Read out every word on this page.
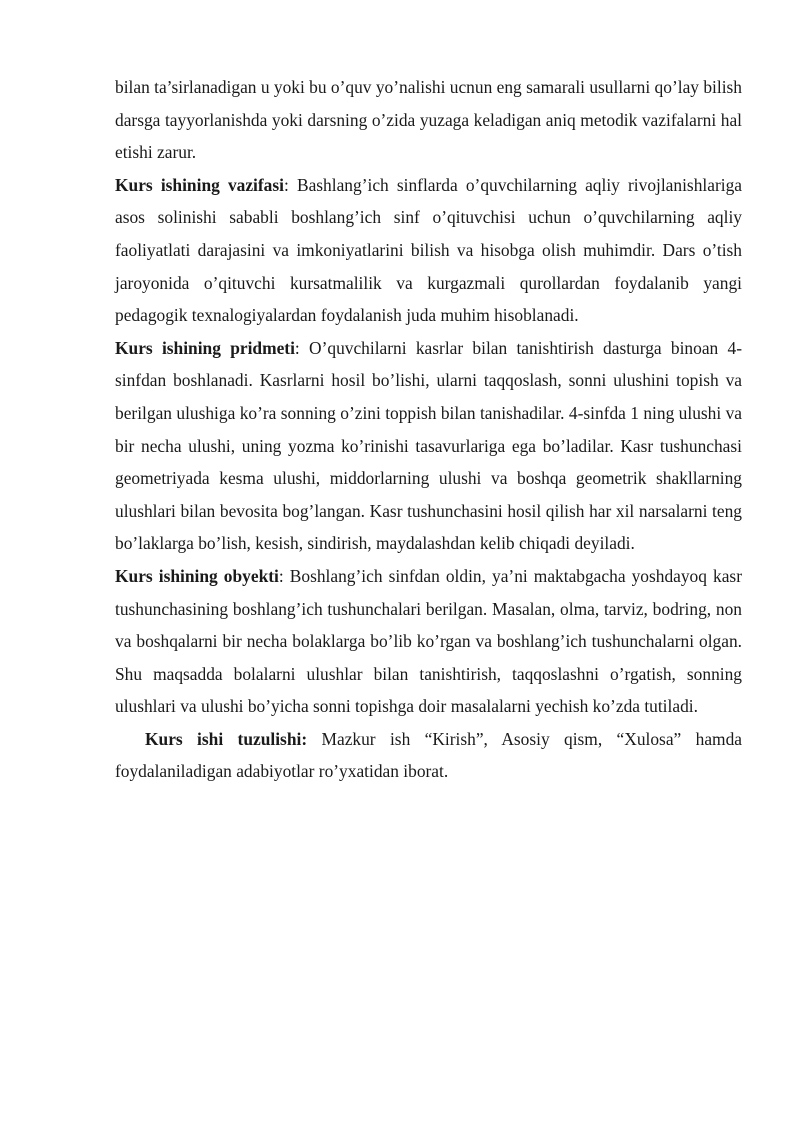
bilan ta’sirlanadigan u yoki bu o’quv yo’nalishi ucnun eng samarali usullarni qo’lay bilish darsga tayyorlanishda yoki darsning o’zida yuzaga keladigan aniq metodik vazifalarni hal etishi zarur.

Kurs ishining vazifasi: Bashlang’ich sinflarda o’quvchilarning aqliy rivojlanishlariga asos solinishi sababli boshlang’ich sinf o’qituvchisi uchun o’quvchilarning aqliy faoliyatlati darajasini va imkoniyatlarini bilish va hisobga olish muhimdir. Dars o’tish jaroyonida o’qituvchi kursatmalilik va kurgazmali qurollardan foydalanib yangi pedagogik texnalogiyalardan foydalanish juda muhim hisoblanadi.

Kurs ishining pridmeti: O’quvchilarni kasrlar bilan tanishtirish dasturga binoan 4-sinfdan boshlanadi. Kasrlarni hosil bo’lishi, ularni taqqoslash, sonni ulushini topish va berilgan ulushiga ko’ra sonning o’zini toppish bilan tanishadilar. 4-sinfda 1 ning ulushi va bir necha ulushi, uning yozma ko’rinishi tasavurlariga ega bo’ladilar. Kasr tushunchasi geometriyada kesma ulushi, middorlarning ulushi va boshqa geometrik shakllarning ulushlari bilan bevosita bog’langan. Kasr tushunchasini hosil qilish har xil narsalarni teng bo’laklarga bo’lish, kesish, sindirish, maydalashdan kelib chiqadi deyiladi.

Kurs ishining obyekti: Boshlang’ich sinfdan oldin, ya’ni maktabgacha yoshdayoq kasr tushunchasining boshlang’ich tushunchalari berilgan. Masalan, olma, tarviz, bodring, non va boshqalarni bir necha bolaklarga bo’lib ko’rgan va boshlang’ich tushunchalarni olgan. Shu maqsadda bolalarni ulushlar bilan tanishtirish, taqqoslashni o’rgatish, sonning ulushlari va ulushi bo’yicha sonni topishga doir masalalarni yechish ko’zda tutiladi.

Kurs ishi tuzulishi: Mazkur ish “Kirish”, Asosiy qism, “Xulosa” hamda foydalaniladigan adabiyotlar ro’yxatidan iborat.
